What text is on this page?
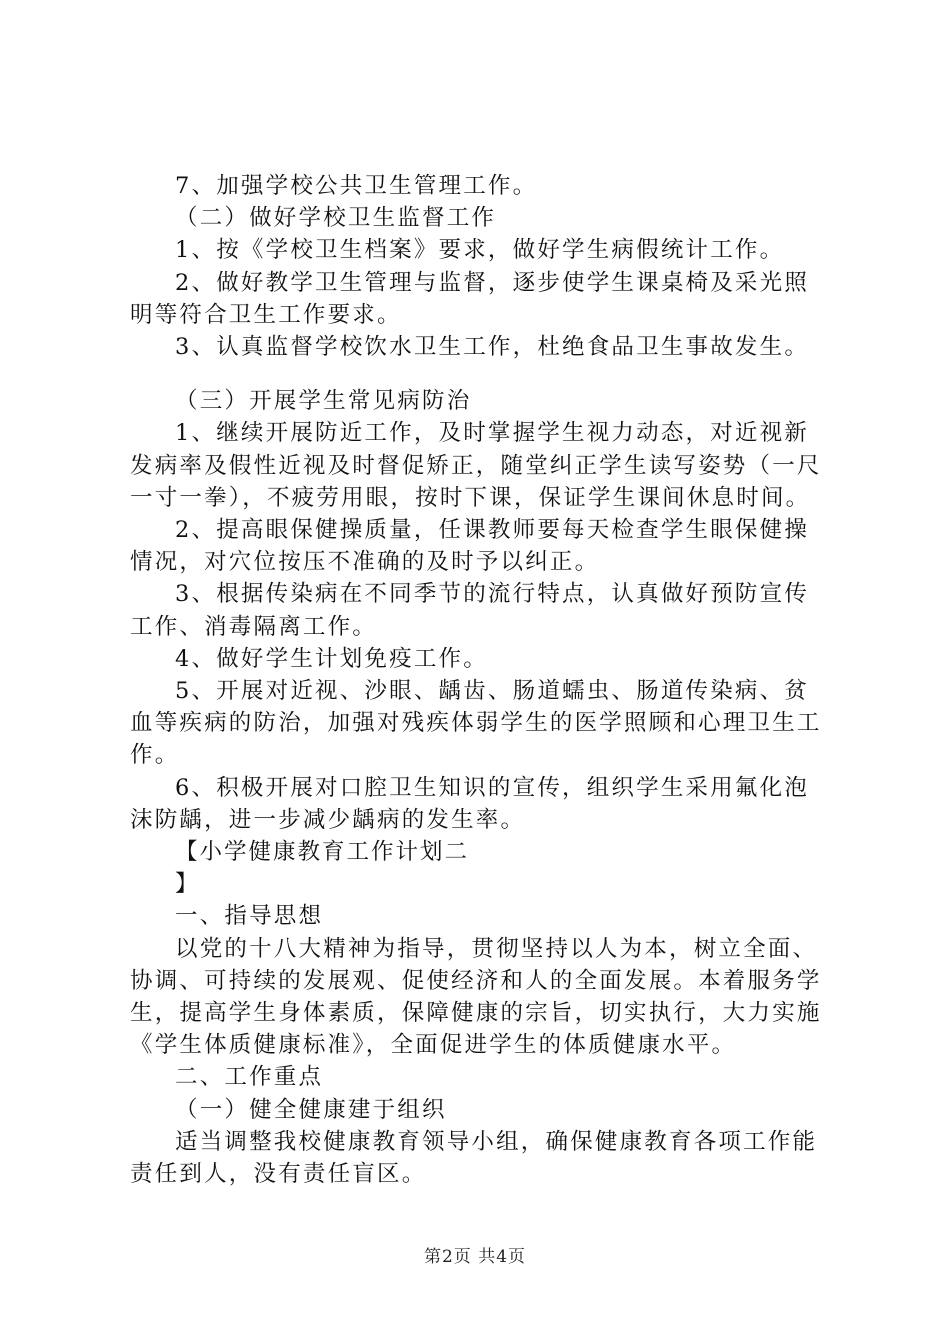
7、加强学校公共卫生管理工作。

（二）做好学校卫生监督工作

1、按《学校卫生档案》要求，做好学生病假统计工作。

2、做好教学卫生管理与监督，逐步使学生课桌椅及采光照明等符合卫生工作要求。

3、认真监督学校饮水卫生工作，杜绝食品卫生事故发生。

（三）开展学生常见病防治

1、继续开展防近工作，及时掌握学生视力动态，对近视新发病率及假性近视及时督促矫正，随堂纠正学生读写姿势（一尺一寸一拳），不疲劳用眼，按时下课，保证学生课间休息时间。

2、提高眼保健操质量，任课教师要每天检查学生眼保健操情况，对穴位按压不准确的及时予以纠正。

3、根据传染病在不同季节的流行特点，认真做好预防宣传工作、消毒隔离工作。

4、做好学生计划免疫工作。

5、开展对近视、沙眼、龋齿、肠道蠕虫、肠道传染病、贫血等疾病的防治，加强对残疾体弱学生的医学照顾和心理卫生工作。

6、积极开展对口腔卫生知识的宣传，组织学生采用氟化泡沫防龋，进一步减少龋病的发生率。

【小学健康教育工作计划二

】

一、指导思想

以党的十八大精神为指导，贯彻坚持以人为本，树立全面、协调、可持续的发展观、促使经济和人的全面发展。本着服务学生，提高学生身体素质，保障健康的宗旨，切实执行，大力实施《学生体质健康标准》，全面促进学生的体质健康水平。

二、工作重点

（一）健全健康建于组织

适当调整我校健康教育领导小组，确保健康教育各项工作能责任到人，没有责任盲区。

第2页 共4页
